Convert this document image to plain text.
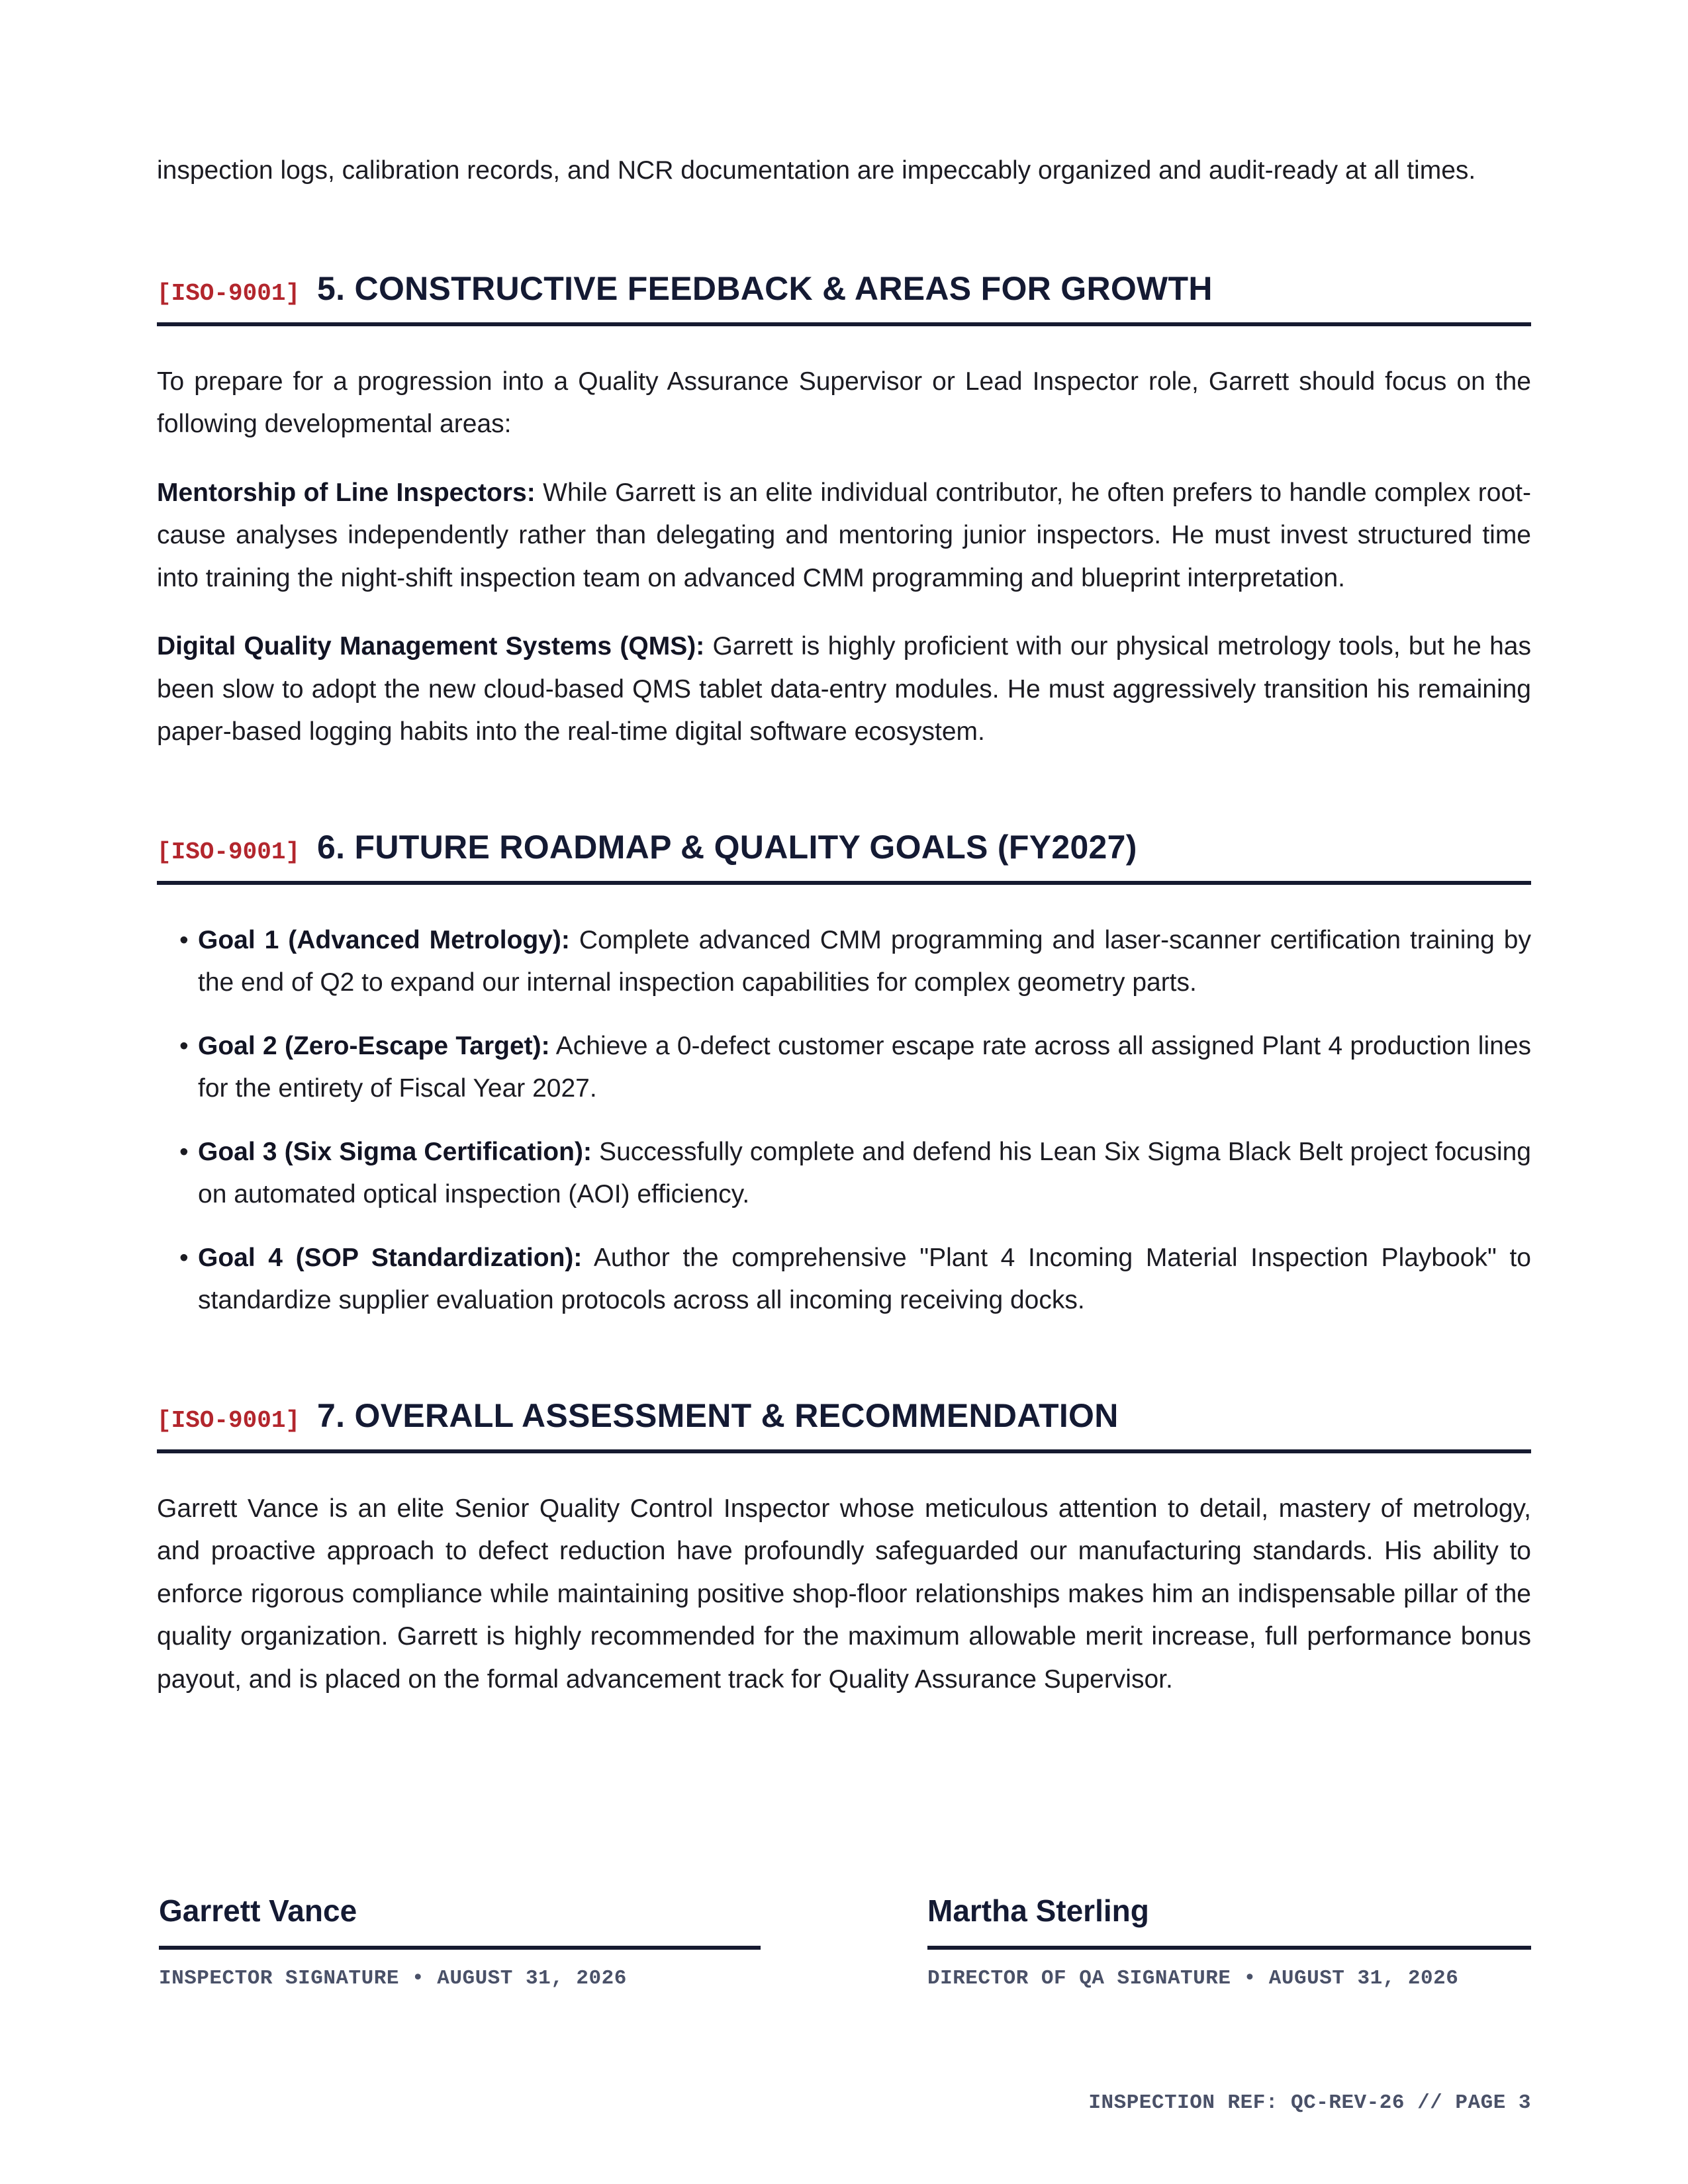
inspection logs, calibration records, and NCR documentation are impeccably organized and audit-ready at all times.

[ISO-9001] 5. CONSTRUCTIVE FEEDBACK & AREAS FOR GROWTH

To prepare for a progression into a Quality Assurance Supervisor or Lead Inspector role, Garrett should focus on the following developmental areas:

Mentorship of Line Inspectors: While Garrett is an elite individual contributor, he often prefers to handle complex root-cause analyses independently rather than delegating and mentoring junior inspectors. He must invest structured time into training the night-shift inspection team on advanced CMM programming and blueprint interpretation.

Digital Quality Management Systems (QMS): Garrett is highly proficient with our physical metrology tools, but he has been slow to adopt the new cloud-based QMS tablet data-entry modules. He must aggressively transition his remaining paper-based logging habits into the real-time digital software ecosystem.

[ISO-9001] 6. FUTURE ROADMAP & QUALITY GOALS (FY2027)
• Goal 1 (Advanced Metrology): Complete advanced CMM programming and laser-scanner certification training by the end of Q2 to expand our internal inspection capabilities for complex geometry parts.
• Goal 2 (Zero-Escape Target): Achieve a 0-defect customer escape rate across all assigned Plant 4 production lines for the entirety of Fiscal Year 2027.
• Goal 3 (Six Sigma Certification): Successfully complete and defend his Lean Six Sigma Black Belt project focusing on automated optical inspection (AOI) efficiency.
• Goal 4 (SOP Standardization): Author the comprehensive "Plant 4 Incoming Material Inspection Playbook" to standardize supplier evaluation protocols across all incoming receiving docks.
[ISO-9001] 7. OVERALL ASSESSMENT & RECOMMENDATION

Garrett Vance is an elite Senior Quality Control Inspector whose meticulous attention to detail, mastery of metrology, and proactive approach to defect reduction have profoundly safeguarded our manufacturing standards. His ability to enforce rigorous compliance while maintaining positive shop-floor relationships makes him an indispensable pillar of the quality organization. Garrett is highly recommended for the maximum allowable merit increase, full performance bonus payout, and is placed on the formal advancement track for Quality Assurance Supervisor.

Garrett Vance
INSPECTOR SIGNATURE • AUGUST 31, 2026
Martha Sterling
DIRECTOR OF QA SIGNATURE • AUGUST 31, 2026
INSPECTION REF: QC-REV-26 // PAGE 3
